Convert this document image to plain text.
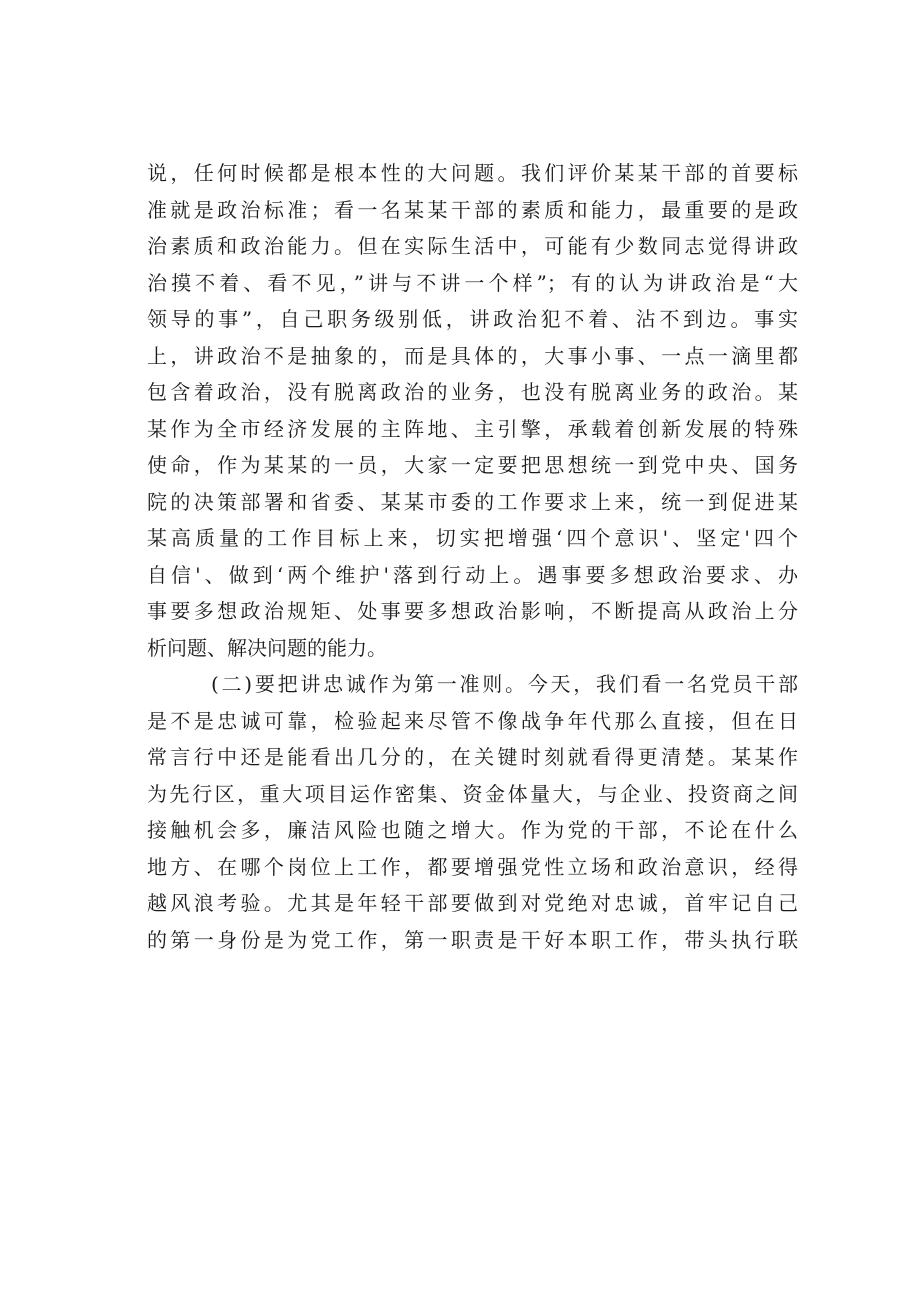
说，任何时候都是根本性的大问题。我们评价某某干部的首要标
准就是政治标准；看一名某某干部的素质和能力，最重要的是政
治素质和政治能力。但在实际生活中，可能有少数同志觉得讲政
治摸不着、看不见，”讲与不讲一个样”；有的认为讲政治是“大
领导的事”，自己职务级别低，讲政治犯不着、沾不到边。事实
上，讲政治不是抽象的，而是具体的，大事小事、一点一滴里都
包含着政治，没有脱离政治的业务，也没有脱离业务的政治。某
某作为全市经济发展的主阵地、主引擎，承载着创新发展的特殊
使命，作为某某的一员，大家一定要把思想统一到党中央、国务
院的决策部署和省委、某某市委的工作要求上来，统一到促进某
某高质量的工作目标上来，切实把增强‘四个意识'、坚定'四个
自信'、做到‘两个维护'落到行动上。遇事要多想政治要求、办
事要多想政治规矩、处事要多想政治影响，不断提高从政治上分
析问题、解决问题的能力。
(二)要把讲忠诚作为第一准则。今天，我们看一名党员干部
是不是忠诚可靠，检验起来尽管不像战争年代那么直接，但在日
常言行中还是能看出几分的，在关键时刻就看得更清楚。某某作
为先行区，重大项目运作密集、资金体量大，与企业、投资商之间
接触机会多，廉洁风险也随之增大。作为党的干部，不论在什么
地方、在哪个岗位上工作，都要增强党性立场和政治意识，经得
越风浪考验。尤其是年轻干部要做到对党绝对忠诚，首牢记自己
的第一身份是为党工作，第一职责是干好本职工作，带头执行联
